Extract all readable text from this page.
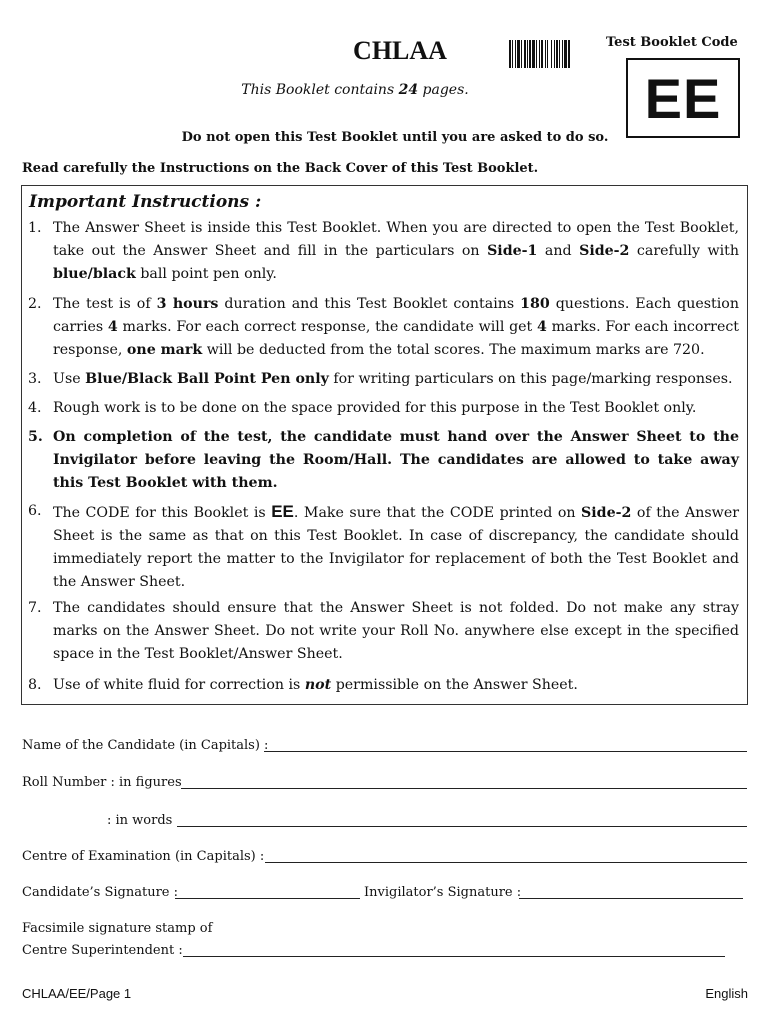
CHLAA	Test Booklet Code
EE
This Booklet contains 24 pages.
Do not open this Test Booklet until you are asked to do so.
Read carefully the Instructions on the Back Cover of this Test Booklet.
Important Instructions :
1. The Answer Sheet is inside this Test Booklet. When you are directed to open the Test Booklet, take out the Answer Sheet and fill in the particulars on Side-1 and Side-2 carefully with blue/black ball point pen only.
2. The test is of 3 hours duration and this Test Booklet contains 180 questions. Each question carries 4 marks. For each correct response, the candidate will get 4 marks. For each incorrect response, one mark will be deducted from the total scores. The maximum marks are 720.
3. Use Blue/Black Ball Point Pen only for writing particulars on this page/marking responses.
4. Rough work is to be done on the space provided for this purpose in the Test Booklet only.
5. On completion of the test, the candidate must hand over the Answer Sheet to the Invigilator before leaving the Room/Hall. The candidates are allowed to take away this Test Booklet with them.
6. The CODE for this Booklet is EE. Make sure that the CODE printed on Side-2 of the Answer Sheet is the same as that on this Test Booklet. In case of discrepancy, the candidate should immediately report the matter to the Invigilator for replacement of both the Test Booklet and the Answer Sheet.
7. The candidates should ensure that the Answer Sheet is not folded. Do not make any stray marks on the Answer Sheet. Do not write your Roll No. anywhere else except in the specified space in the Test Booklet/Answer Sheet.
8. Use of white fluid for correction is not permissible on the Answer Sheet.
Name of the Candidate (in Capitals) :
Roll Number : in figures
: in words
Centre of Examination (in Capitals) :
Candidate’s Signature :	Invigilator’s Signature :
Facsimile signature stamp of
Centre Superintendent :
CHLAA/EE/Page 1	English
